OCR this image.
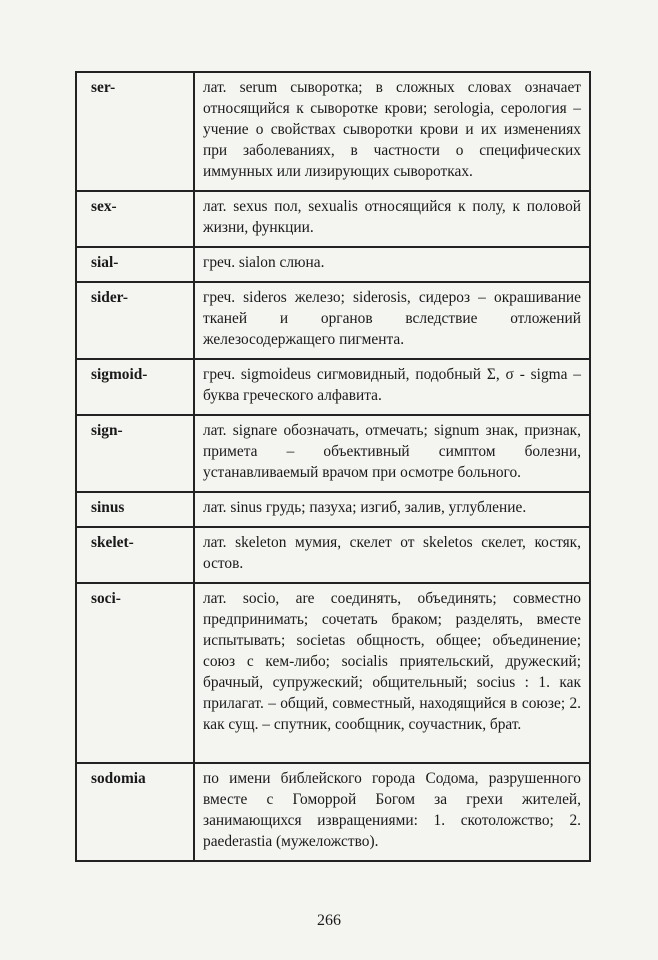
ser-	лат. serum сыворотка; в сложных словах означает относящийся к сыворотке крови; serologia, серология – учение о свойствах сыворотки крови и их изменениях при заболеваниях, в частности о специфических иммунных или лизирующих сыворотках.
sex-	лат. sexus пол, sexualis относящийся к полу, к половой жизни, функции.
sial-	греч. sialon слюна.
sider-	греч. sideros железо; siderosis, сидероз – окрашивание тканей и органов вследствие отложений железосодержащего пигмента.
sigmoid-	греч. sigmoideus сигмовидный, подобный Σ, σ - sigma – буква греческого алфавита.
sign-	лат. signare обозначать, отмечать; signum знак, признак, примета – объективный симптом болезни, устанавливаемый врачом при осмотре больного.
sinus	лат. sinus грудь; пазуха; изгиб, залив, углубление.
skelet-	лат. skeleton мумия, скелет от skeletos скелет, костяк, остов.
soci-	лат. socio, are соединять, объединять; совместно предпринимать; сочетать браком; разделять, вместе испытывать; societas общность, общее; объединение; союз с кем-либо; socialis приятельский, дружеский; брачный, супружеский; общительный; socius : 1. как прилагат. – общий, совместный, находящийся в союзе; 2. как сущ. – спутник, сообщник, соучастник, брат.
sodomia	по имени библейского города Содома, разрушенного вместе с Гоморрой Богом за грехи жителей, занимающихся извращениями: 1. скотоложство; 2. paederastia (мужеложство).
266
